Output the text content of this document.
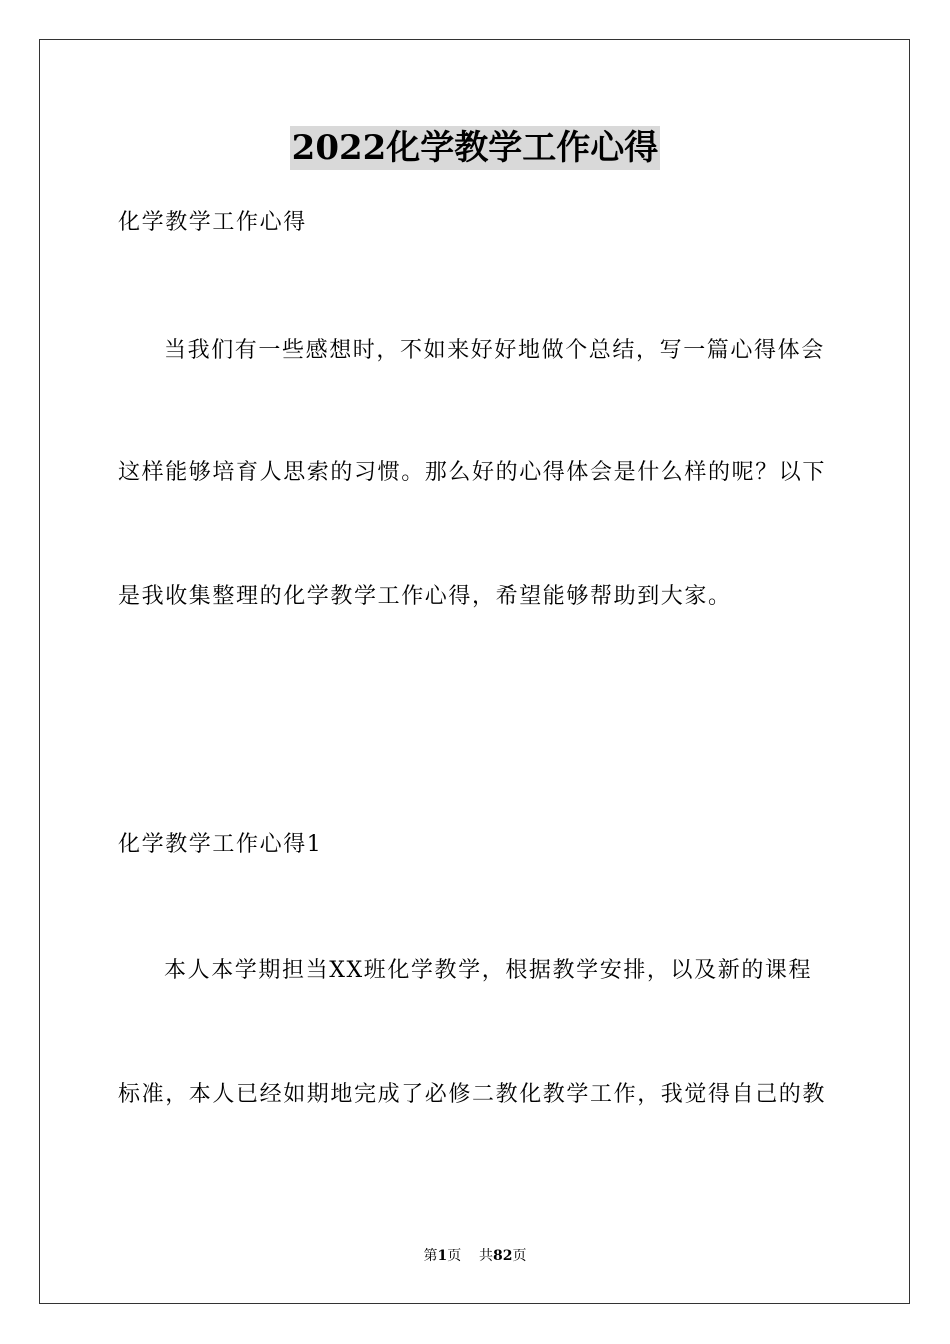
2022化学教学工作心得
化学教学工作心得
当我们有一些感想时，不如来好好地做个总结，写一篇心得体会
这样能够培育人思索的习惯。那么好的心得体会是什么样的呢？以下
是我收集整理的化学教学工作心得，希望能够帮助到大家。
化学教学工作心得1
本人本学期担当XX班化学教学，根据教学安排，以及新的课程
标准，本人已经如期地完成了必修二教化教学工作，我觉得自己的教
第1页 共82页
